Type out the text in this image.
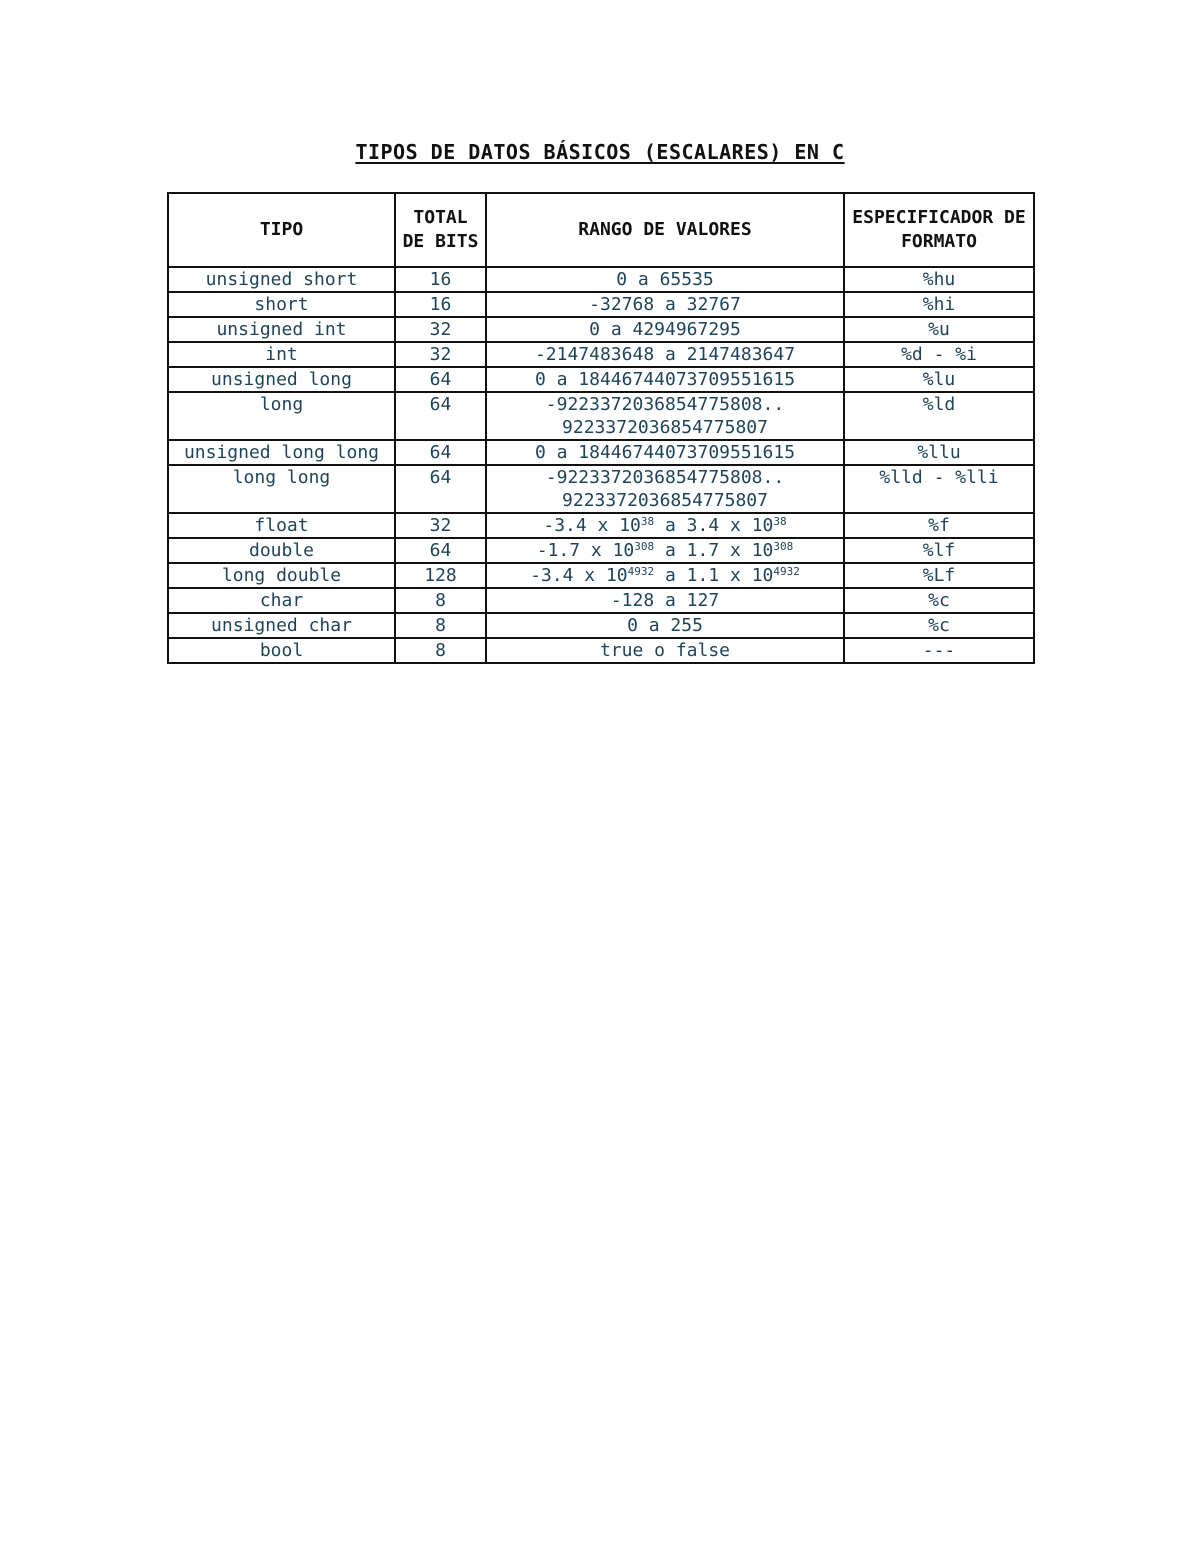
TIPOS DE DATOS BÁSICOS (ESCALARES) EN C
TIPO	TOTAL DE BITS	RANGO DE VALORES	ESPECIFICADOR DE FORMATO
unsigned short	16	0 a 65535	%hu
short	16	-32768 a 32767	%hi
unsigned int	32	0 a 4294967295	%u
int	32	-2147483648 a 2147483647	%d - %i
unsigned long	64	0 a 18446744073709551615	%lu
long	64	-9223372036854775808.. 9223372036854775807	%ld
unsigned long long	64	0 a 18446744073709551615	%llu
long long	64	-9223372036854775808.. 9223372036854775807	%lld - %lli
float	32	-3.4 x $10^{38}$ a 3.4 x $10^{38}$	%f
double	64	-1.7 x $10^{308}$ a 1.7 x $10^{308}$	%lf
long double	128	-3.4 x $10^{4932}$ a 1.1 x $10^{4932}$	%Lf
char	8	-128 a 127	%c
unsigned char	8	0 a 255	%c
bool	8	true o false	---
